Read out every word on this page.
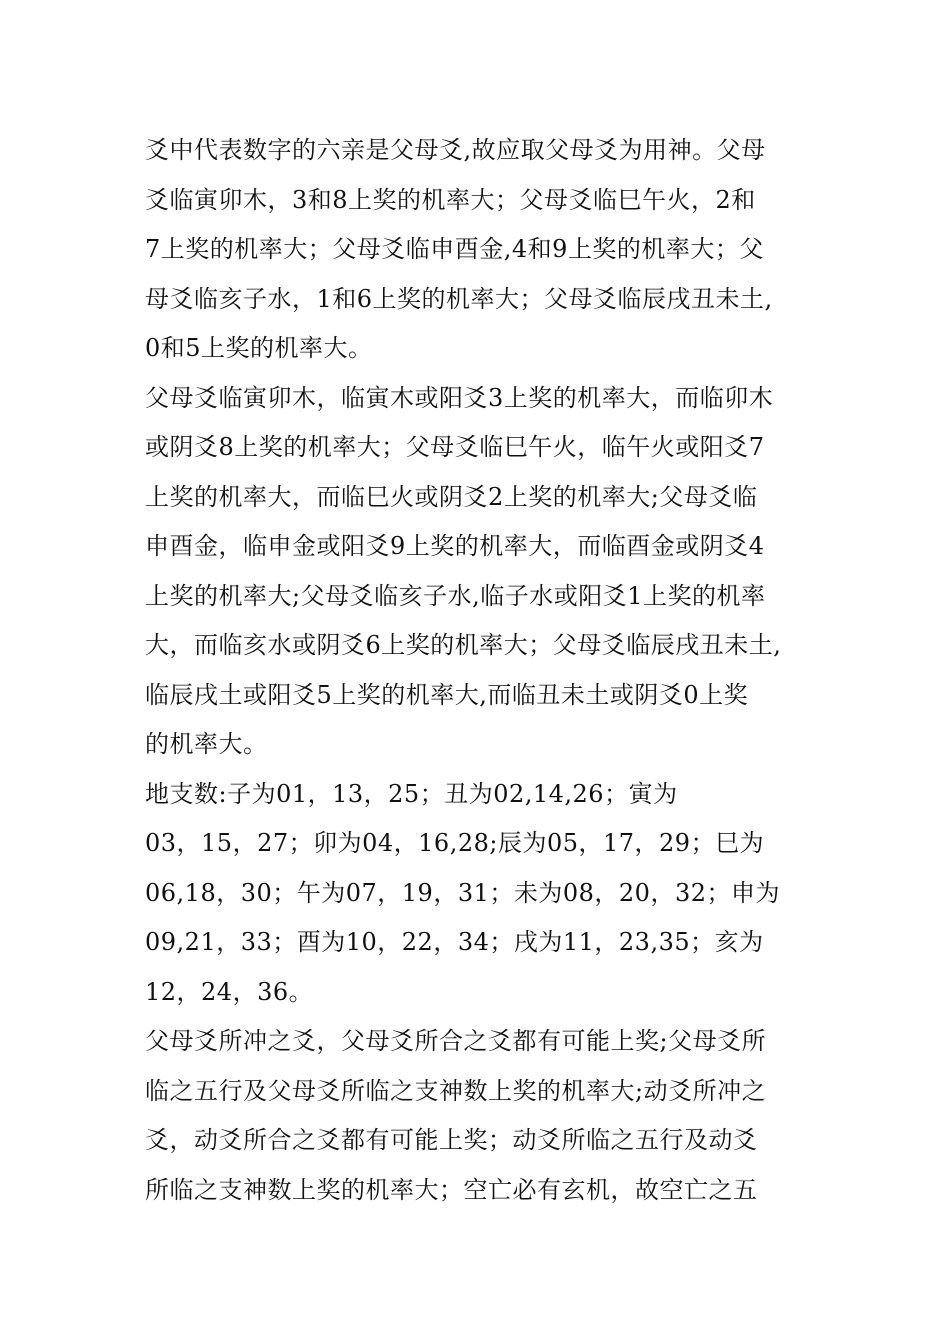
爻中代表数字的六亲是父母爻,故应取父母爻为用神。父母
爻临寅卯木，3和8上奖的机率大；父母爻临巳午火，2和
7上奖的机率大；父母爻临申酉金,4和9上奖的机率大；父
母爻临亥子水，1和6上奖的机率大；父母爻临辰戌丑未土,
0和5上奖的机率大。
父母爻临寅卯木，临寅木或阳爻3上奖的机率大，而临卯木
或阴爻8上奖的机率大；父母爻临巳午火，临午火或阳爻7
上奖的机率大，而临巳火或阴爻2上奖的机率大;父母爻临
申酉金，临申金或阳爻9上奖的机率大，而临酉金或阴爻4
上奖的机率大;父母爻临亥子水,临子水或阳爻1上奖的机率
大，而临亥水或阴爻6上奖的机率大；父母爻临辰戌丑未土,
临辰戌土或阳爻5上奖的机率大,而临丑未土或阴爻0上奖
的机率大。
地支数:子为01，13，25；丑为02,14,26；寅为
03，15，27；卯为04，16,28;辰为05，17，29；巳为
06,18，30；午为07，19，31；未为08，20，32；申为
09,21，33；酉为10，22，34；戌为11，23,35；亥为
12，24，36。
父母爻所冲之爻，父母爻所合之爻都有可能上奖;父母爻所
临之五行及父母爻所临之支神数上奖的机率大;动爻所冲之
爻，动爻所合之爻都有可能上奖；动爻所临之五行及动爻
所临之支神数上奖的机率大；空亡必有玄机，故空亡之五
